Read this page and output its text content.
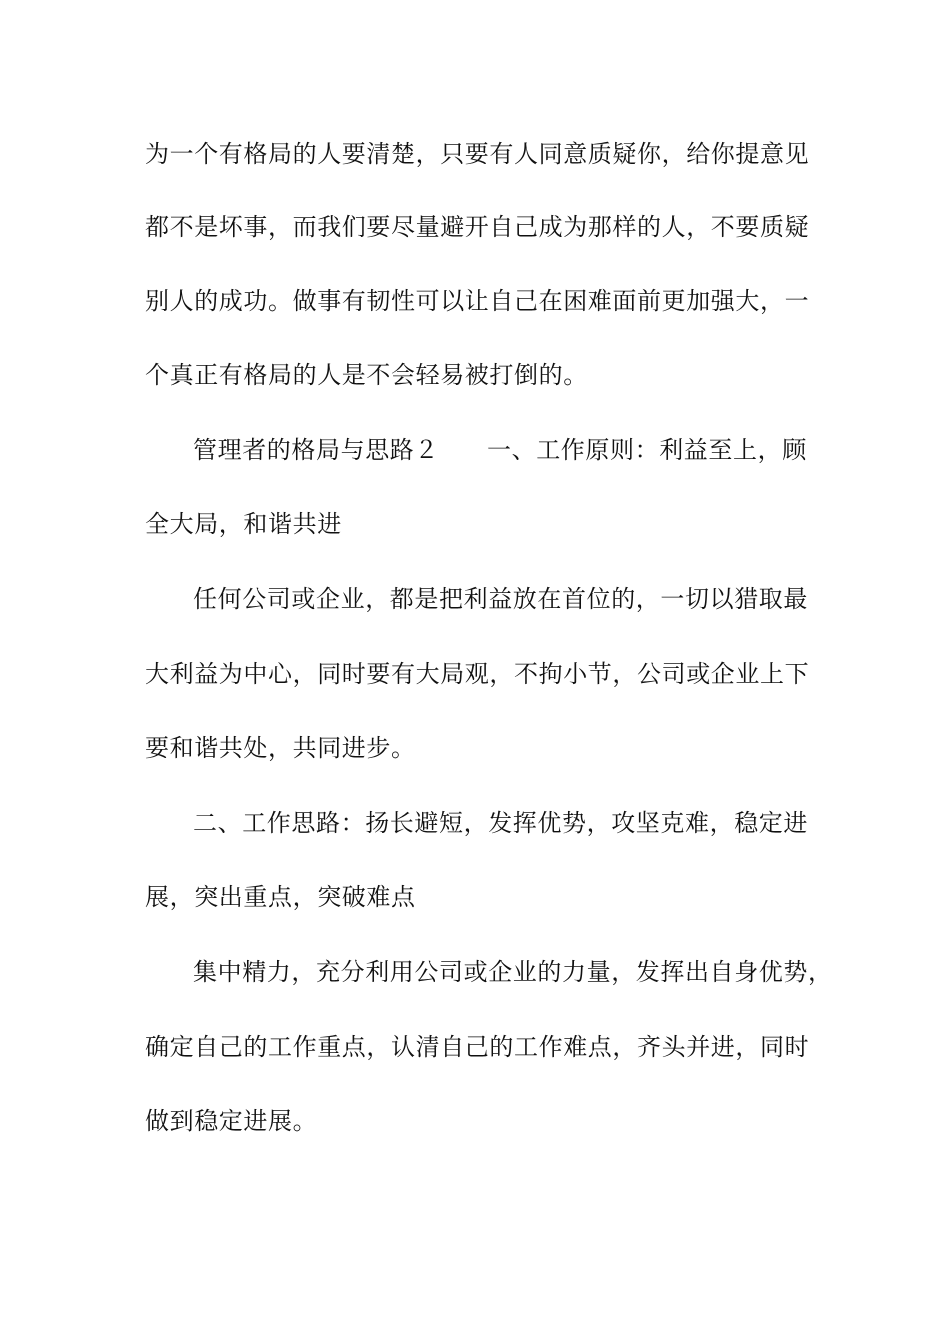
为一个有格局的人要清楚，只要有人同意质疑你，给你提意见
都不是坏事，而我们要尽量避开自己成为那样的人，不要质疑
别人的成功。做事有韧性可以让自己在困难面前更加强大，一
个真正有格局的人是不会轻易被打倒的。
管理者的格局与思路２ 一、工作原则：利益至上，顾
全大局，和谐共进
任何公司或企业，都是把利益放在首位的，一切以猎取最
大利益为中心，同时要有大局观，不拘小节，公司或企业上下
要和谐共处，共同进步。
二、工作思路：扬长避短，发挥优势，攻坚克难，稳定进
展，突出重点，突破难点
集中精力，充分利用公司或企业的力量，发挥出自身优势，
确定自己的工作重点，认清自己的工作难点，齐头并进，同时
做到稳定进展。
